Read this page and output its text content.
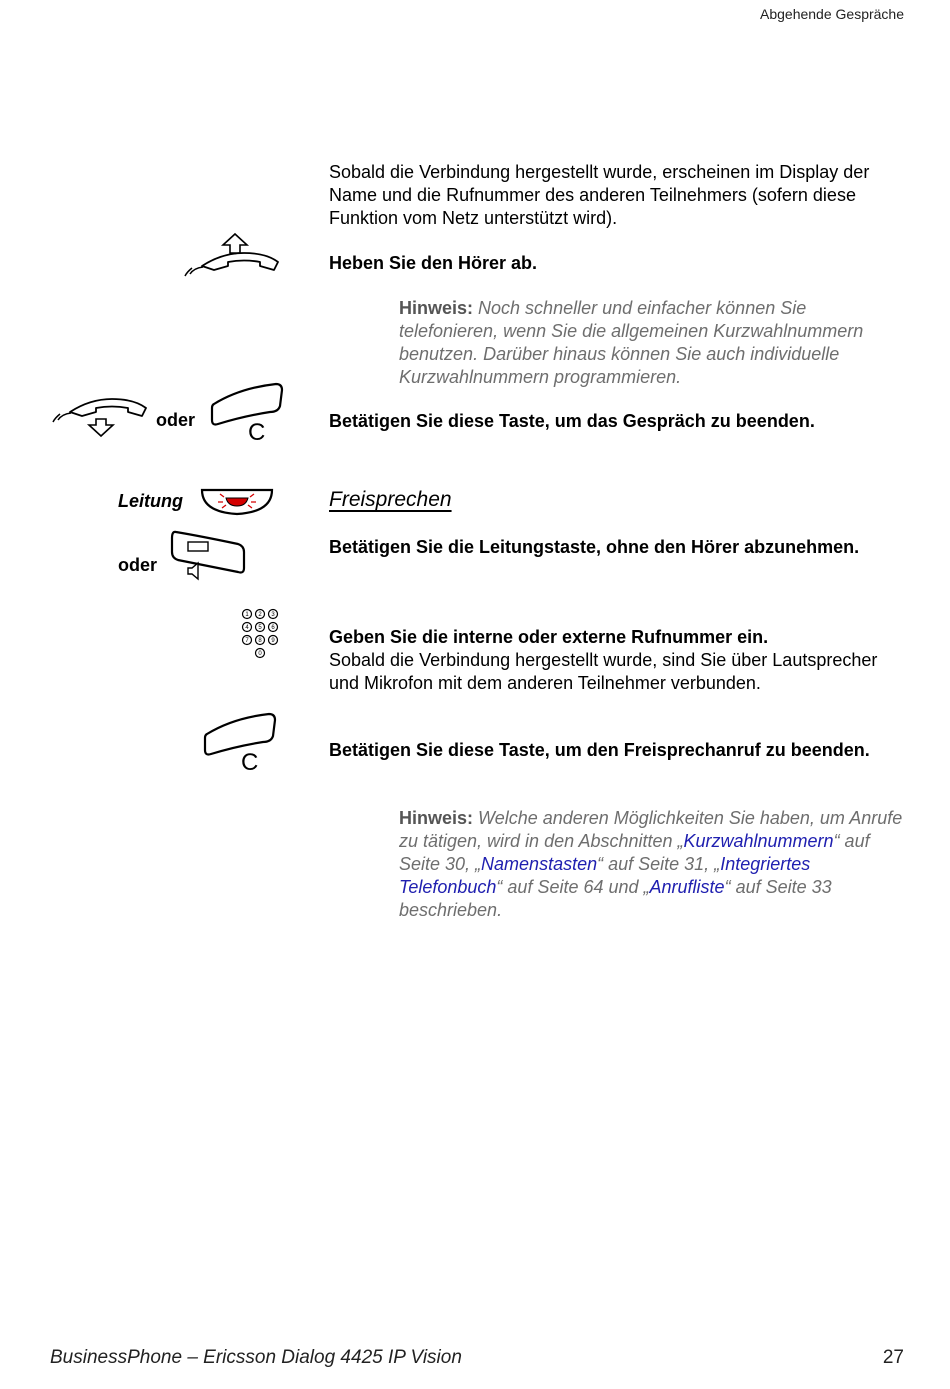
Abgehende Gespräche
Sobald die Verbindung hergestellt wurde, erscheinen im Display der Name und die Rufnummer des anderen Teilnehmers (sofern diese Funktion vom Netz unterstützt wird).
Heben Sie den Hörer ab.
Hinweis: Noch schneller und einfacher können Sie telefonieren, wenn Sie die allgemeinen Kurzwahlnummern benutzen. Darüber hinaus können Sie auch individuelle Kurzwahlnummern programmieren.
oder C	Betätigen Sie diese Taste, um das Gespräch zu beenden.
Leitung	Freisprechen
oder
Betätigen Sie die Leitungstaste, ohne den Hörer abzunehmen.
1 2 3
4 5 6
7 8 9
0
Geben Sie die interne oder externe Rufnummer ein.
Sobald die Verbindung hergestellt wurde, sind Sie über Lautsprecher und Mikrofon mit dem anderen Teilnehmer verbunden.
C	Betätigen Sie diese Taste, um den Freisprechanruf zu beenden.
Hinweis: Welche anderen Möglichkeiten Sie haben, um Anrufe zu tätigen, wird in den Abschnitten „Kurzwahlnummern“ auf Seite 30, „Namenstasten“ auf Seite 31, „Integriertes Telefonbuch“ auf Seite 64 und „Anrufliste“ auf Seite 33 beschrieben.
BusinessPhone – Ericsson Dialog 4425 IP Vision	27
